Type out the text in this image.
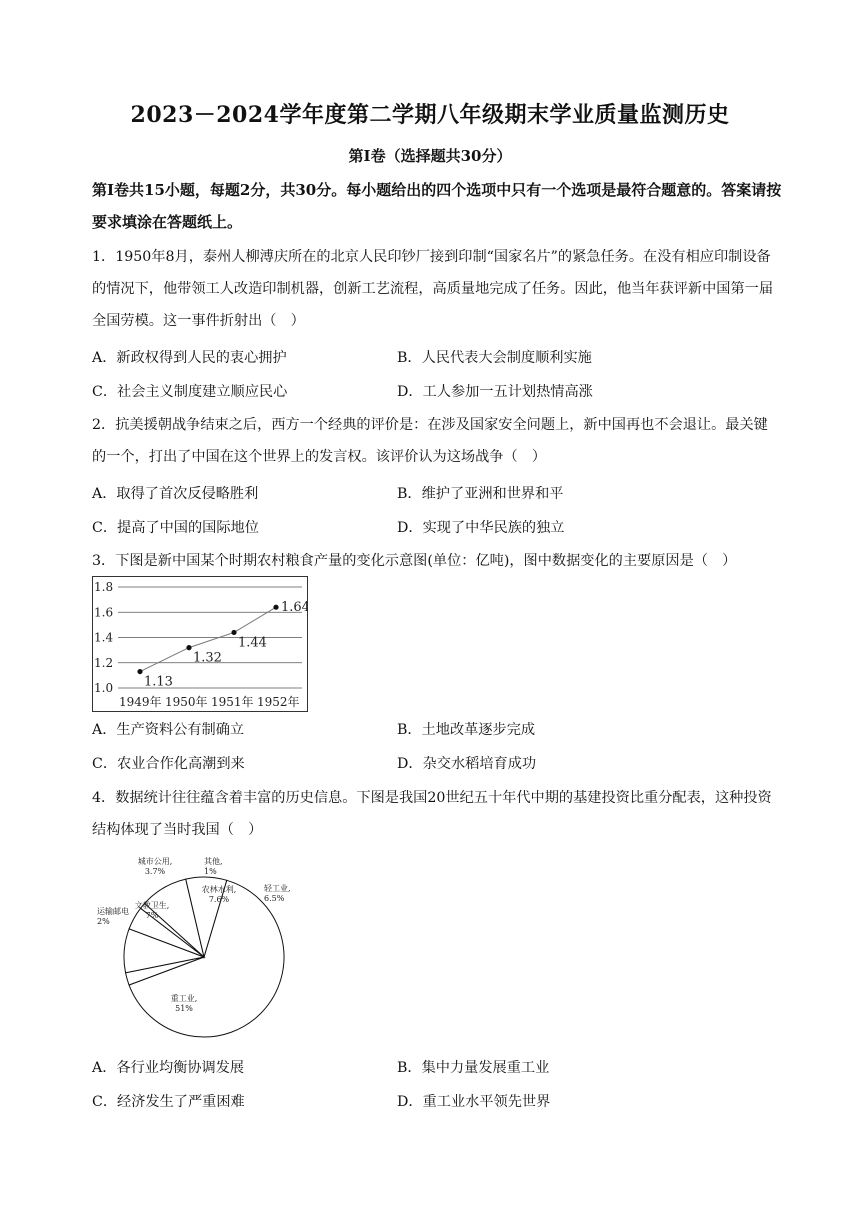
2023－2024学年度第二学期八年级期末学业质量监测历史
第Ⅰ卷（选择题共30分）
第Ⅰ卷共15小题，每题2分，共30分。每小题给出的四个选项中只有一个选项是最符合题意的。答案请按要求填涂在答题纸上。
1．1950年8月，泰州人柳溥庆所在的北京人民印钞厂接到印制“国家名片”的紧急任务。在没有相应印制设备的情况下，他带领工人改造印制机器，创新工艺流程，高质量地完成了任务。因此，他当年获评新中国第一届全国劳模。这一事件折射出（　）
A．新政权得到人民的衷心拥护	B．人民代表大会制度顺利实施
C．社会主义制度建立顺应民心	D．工人参加一五计划热情高涨
2．抗美援朝战争结束之后，西方一个经典的评价是：在涉及国家安全问题上，新中国再也不会退让。最关键的一个，打出了中国在这个世界上的发言权。该评价认为这场战争（　）
A．取得了首次反侵略胜利	B．维护了亚洲和世界和平
C．提高了中国的国际地位	D．实现了中华民族的独立
3．下图是新中国某个时期农村粮食产量的变化示意图(单位：亿吨)，图中数据变化的主要原因是（　）
1.0
1.2
1.4
1.6
1.8
1949年 1950年 1951年 1952年
1.13
1.32
1.44
1.64
A．生产资料公有制确立	B．土地改革逐步完成
C．农业合作化高潮到来	D．杂交水稻培育成功
4．数据统计往往蕴含着丰富的历史信息。下图是我国20世纪五十年代中期的基建投资比重分配表，这种投资结构体现了当时我国（　）
重工业,
51%
运输邮电
2%
文教卫生,
7%
城市公用,
3.7%
其他,
1%
农林水利,
7.6%
轻工业,
6.5%
A．各行业均衡协调发展	B．集中力量发展重工业
C．经济发生了严重困难	D．重工业水平领先世界
